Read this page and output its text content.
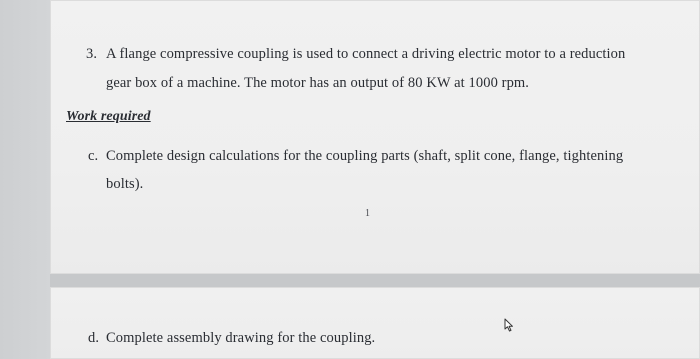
3. A flange compressive coupling is used to connect a driving electric motor to a reduction
gear box of a machine. The motor has an output of 80 KW at 1000 rpm.
Work required
c. Complete design calculations for the coupling parts (shaft, split cone, flange, tightening
bolts).
1
d. Complete assembly drawing for the coupling.
